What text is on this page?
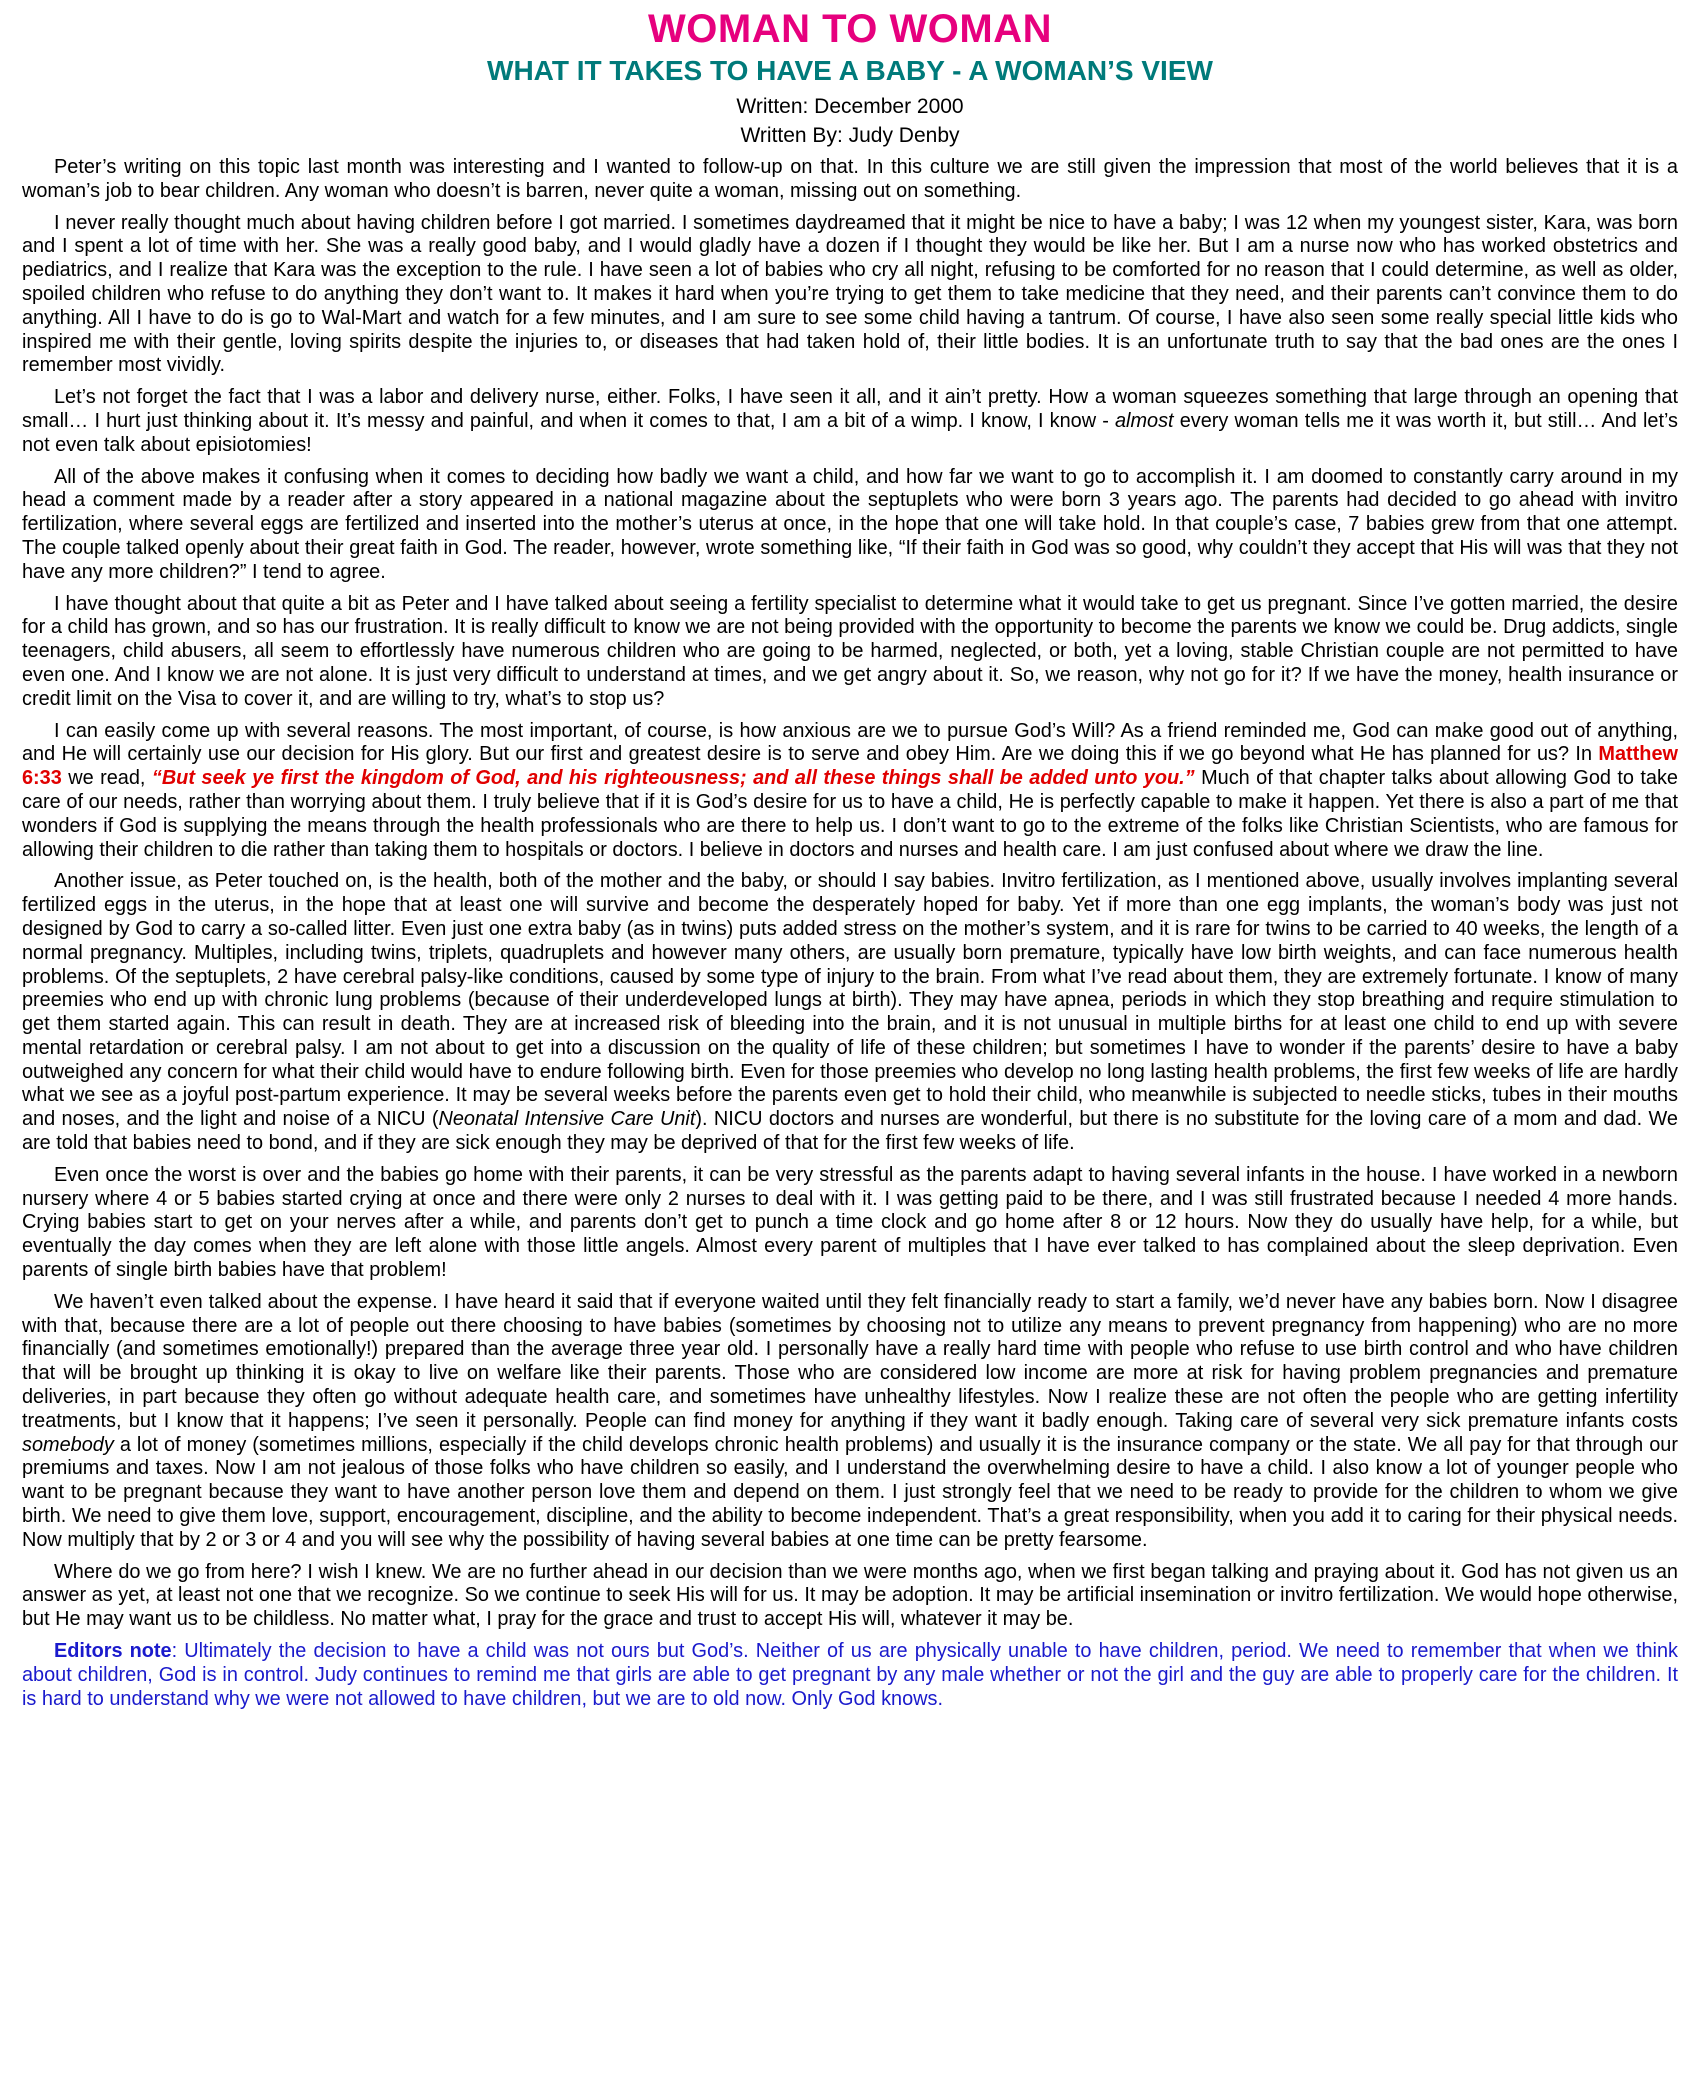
WOMAN TO WOMAN
WHAT IT TAKES TO HAVE A BABY - A WOMAN’S VIEW

Written: December 2000

Written By: Judy Denby

Peter’s writing on this topic last month was interesting and I wanted to follow-up on that. In this culture we are still given the impression that most of the world believes that it is a woman’s job to bear children. Any woman who doesn’t is barren, never quite a woman, missing out on something.

I never really thought much about having children before I got married. I sometimes daydreamed that it might be nice to have a baby; I was 12 when my youngest sister, Kara, was born and I spent a lot of time with her. She was a really good baby, and I would gladly have a dozen if I thought they would be like her. But I am a nurse now who has worked obstetrics and pediatrics, and I realize that Kara was the exception to the rule. I have seen a lot of babies who cry all night, refusing to be comforted for no reason that I could determine, as well as older, spoiled children who refuse to do anything they don’t want to. It makes it hard when you’re trying to get them to take medicine that they need, and their parents can’t convince them to do anything. All I have to do is go to Wal-Mart and watch for a few minutes, and I am sure to see some child having a tantrum. Of course, I have also seen some really special little kids who inspired me with their gentle, loving spirits despite the injuries to, or diseases that had taken hold of, their little bodies. It is an unfortunate truth to say that the bad ones are the ones I remember most vividly.

Let’s not forget the fact that I was a labor and delivery nurse, either. Folks, I have seen it all, and it ain’t pretty. How a woman squeezes something that large through an opening that small… I hurt just thinking about it. It’s messy and painful, and when it comes to that, I am a bit of a wimp. I know, I know - almost every woman tells me it was worth it, but still… And let’s not even talk about episiotomies!

All of the above makes it confusing when it comes to deciding how badly we want a child, and how far we want to go to accomplish it. I am doomed to constantly carry around in my head a comment made by a reader after a story appeared in a national magazine about the septuplets who were born 3 years ago. The parents had decided to go ahead with invitro fertilization, where several eggs are fertilized and inserted into the mother’s uterus at once, in the hope that one will take hold. In that couple’s case, 7 babies grew from that one attempt. The couple talked openly about their great faith in God. The reader, however, wrote something like, “If their faith in God was so good, why couldn’t they accept that His will was that they not have any more children?” I tend to agree.

I have thought about that quite a bit as Peter and I have talked about seeing a fertility specialist to determine what it would take to get us pregnant. Since I’ve gotten married, the desire for a child has grown, and so has our frustration. It is really difficult to know we are not being provided with the opportunity to become the parents we know we could be. Drug addicts, single teenagers, child abusers, all seem to effortlessly have numerous children who are going to be harmed, neglected, or both, yet a loving, stable Christian couple are not permitted to have even one. And I know we are not alone. It is just very difficult to understand at times, and we get angry about it. So, we reason, why not go for it? If we have the money, health insurance or credit limit on the Visa to cover it, and are willing to try, what’s to stop us?

I can easily come up with several reasons. The most important, of course, is how anxious are we to pursue God’s Will? As a friend reminded me, God can make good out of anything, and He will certainly use our decision for His glory. But our first and greatest desire is to serve and obey Him. Are we doing this if we go beyond what He has planned for us? In Matthew 6:33 we read, “But seek ye first the kingdom of God, and his righteousness; and all these things shall be added unto you.” Much of that chapter talks about allowing God to take care of our needs, rather than worrying about them. I truly believe that if it is God’s desire for us to have a child, He is perfectly capable to make it happen. Yet there is also a part of me that wonders if God is supplying the means through the health professionals who are there to help us. I don’t want to go to the extreme of the folks like Christian Scientists, who are famous for allowing their children to die rather than taking them to hospitals or doctors. I believe in doctors and nurses and health care. I am just confused about where we draw the line.

Another issue, as Peter touched on, is the health, both of the mother and the baby, or should I say babies. Invitro fertilization, as I mentioned above, usually involves implanting several fertilized eggs in the uterus, in the hope that at least one will survive and become the desperately hoped for baby. Yet if more than one egg implants, the woman’s body was just not designed by God to carry a so-called litter. Even just one extra baby (as in twins) puts added stress on the mother’s system, and it is rare for twins to be carried to 40 weeks, the length of a normal pregnancy. Multiples, including twins, triplets, quadruplets and however many others, are usually born premature, typically have low birth weights, and can face numerous health problems. Of the septuplets, 2 have cerebral palsy-like conditions, caused by some type of injury to the brain. From what I’ve read about them, they are extremely fortunate. I know of many preemies who end up with chronic lung problems (because of their underdeveloped lungs at birth). They may have apnea, periods in which they stop breathing and require stimulation to get them started again. This can result in death. They are at increased risk of bleeding into the brain, and it is not unusual in multiple births for at least one child to end up with severe mental retardation or cerebral palsy. I am not about to get into a discussion on the quality of life of these children; but sometimes I have to wonder if the parents’ desire to have a baby outweighed any concern for what their child would have to endure following birth. Even for those preemies who develop no long lasting health problems, the first few weeks of life are hardly what we see as a joyful post-partum experience. It may be several weeks before the parents even get to hold their child, who meanwhile is subjected to needle sticks, tubes in their mouths and noses, and the light and noise of a NICU (Neonatal Intensive Care Unit). NICU doctors and nurses are wonderful, but there is no substitute for the loving care of a mom and dad. We are told that babies need to bond, and if they are sick enough they may be deprived of that for the first few weeks of life.

Even once the worst is over and the babies go home with their parents, it can be very stressful as the parents adapt to having several infants in the house. I have worked in a newborn nursery where 4 or 5 babies started crying at once and there were only 2 nurses to deal with it. I was getting paid to be there, and I was still frustrated because I needed 4 more hands. Crying babies start to get on your nerves after a while, and parents don’t get to punch a time clock and go home after 8 or 12 hours. Now they do usually have help, for a while, but eventually the day comes when they are left alone with those little angels. Almost every parent of multiples that I have ever talked to has complained about the sleep deprivation. Even parents of single birth babies have that problem!

We haven’t even talked about the expense. I have heard it said that if everyone waited until they felt financially ready to start a family, we’d never have any babies born. Now I disagree with that, because there are a lot of people out there choosing to have babies (sometimes by choosing not to utilize any means to prevent pregnancy from happening) who are no more financially (and sometimes emotionally!) prepared than the average three year old. I personally have a really hard time with people who refuse to use birth control and who have children that will be brought up thinking it is okay to live on welfare like their parents. Those who are considered low income are more at risk for having problem pregnancies and premature deliveries, in part because they often go without adequate health care, and sometimes have unhealthy lifestyles. Now I realize these are not often the people who are getting infertility treatments, but I know that it happens; I’ve seen it personally. People can find money for anything if they want it badly enough. Taking care of several very sick premature infants costs somebody a lot of money (sometimes millions, especially if the child develops chronic health problems) and usually it is the insurance company or the state. We all pay for that through our premiums and taxes. Now I am not jealous of those folks who have children so easily, and I understand the overwhelming desire to have a child. I also know a lot of younger people who want to be pregnant because they want to have another person love them and depend on them. I just strongly feel that we need to be ready to provide for the children to whom we give birth. We need to give them love, support, encouragement, discipline, and the ability to become independent. That’s a great responsibility, when you add it to caring for their physical needs. Now multiply that by 2 or 3 or 4 and you will see why the possibility of having several babies at one time can be pretty fearsome.

Where do we go from here? I wish I knew. We are no further ahead in our decision than we were months ago, when we first began talking and praying about it. God has not given us an answer as yet, at least not one that we recognize. So we continue to seek His will for us. It may be adoption. It may be artificial insemination or invitro fertilization. We would hope otherwise, but He may want us to be childless. No matter what, I pray for the grace and trust to accept His will, whatever it may be.

Editors note: Ultimately the decision to have a child was not ours but God’s. Neither of us are physically unable to have children, period. We need to remember that when we think about children, God is in control. Judy continues to remind me that girls are able to get pregnant by any male whether or not the girl and the guy are able to properly care for the children. It is hard to understand why we were not allowed to have children, but we are to old now. Only God knows.
